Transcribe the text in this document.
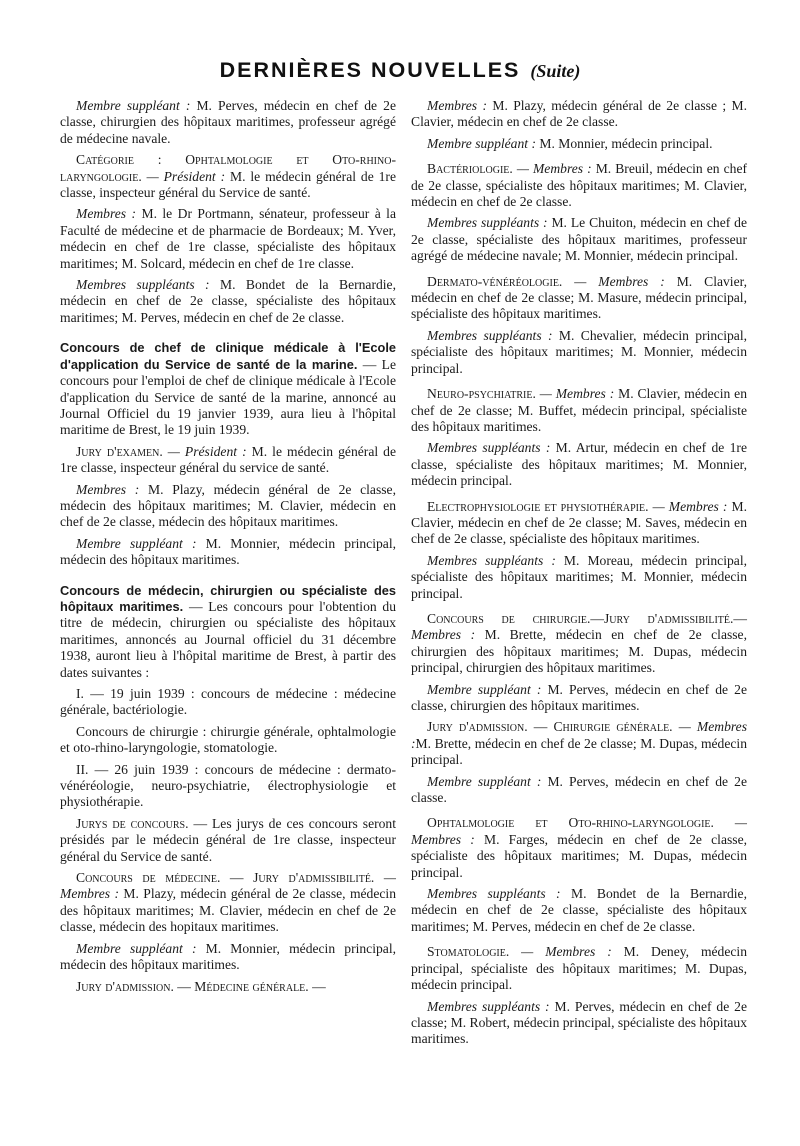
DERNIÈRES NOUVELLES (Suite)

Membre suppléant : M. Perves, médecin en chef de 2e classe, chirurgien des hôpitaux maritimes, professeur agrégé de médecine navale.

Catégorie : Ophtalmologie et Oto-rhino-laryngologie. — Président : M. le médecin général de 1re classe, inspecteur général du Service de santé.

Membres : M. le Dr Portmann, sénateur, professeur à la Faculté de médecine et de pharmacie de Bordeaux; M. Yver, médecin en chef de 1re classe, spécialiste des hôpitaux maritimes; M. Solcard, médecin en chef de 1re classe.

Membres suppléants : M. Bondet de la Bernardie, médecin en chef de 2e classe, spécialiste des hôpitaux maritimes; M. Perves, médecin en chef de 2e classe.

Concours de chef de clinique médicale à l'Ecole d'application du Service de santé de la marine. — Le concours pour l'emploi de chef de clinique médicale à l'Ecole d'application du Service de santé de la marine, annoncé au Journal Officiel du 19 janvier 1939, aura lieu à l'hôpital maritime de Brest, le 19 juin 1939.

Jury d'examen. — Président : M. le médecin général de 1re classe, inspecteur général du service de santé.

Membres : M. Plazy, médecin général de 2e classe, médecin des hôpitaux maritimes; M. Clavier, médecin en chef de 2e classe, médecin des hôpitaux maritimes.

Membre suppléant : M. Monnier, médecin principal, médecin des hôpitaux maritimes.

Concours de médecin, chirurgien ou spécialiste des hôpitaux maritimes. — Les concours pour l'obtention du titre de médecin, chirurgien ou spécialiste des hôpitaux maritimes, annoncés au Journal officiel du 31 décembre 1938, auront lieu à l'hôpital maritime de Brest, à partir des dates suivantes :

I. — 19 juin 1939 : concours de médecine : médecine générale, bactériologie.

Concours de chirurgie : chirurgie générale, ophtalmologie et oto-rhino-laryngologie, stomatologie.

II. — 26 juin 1939 : concours de médecine : dermato-vénéréologie, neuro-psychiatrie, électrophysiologie et physiothérapie.

Jurys de concours. — Les jurys de ces concours seront présidés par le médecin général de 1re classe, inspecteur général du Service de santé.

Concours de médecine. — Jury d'admissibilité. — Membres : M. Plazy, médecin général de 2e classe, médecin des hôpitaux maritimes; M. Clavier, médecin en chef de 2e classe, médecin des hopitaux maritimes.

Membre suppléant : M. Monnier, médecin principal, médecin des hôpitaux maritimes.

Jury d'admission. — Médecine générale. —

Membres : M. Plazy, médecin général de 2e classe ; M. Clavier, médecin en chef de 2e classe.

Membre suppléant : M. Monnier, médecin principal.

Bactériologie. — Membres : M. Breuil, médecin en chef de 2e classe, spécialiste des hôpitaux maritimes; M. Clavier, médecin en chef de 2e classe.

Membres suppléants : M. Le Chuiton, médecin en chef de 2e classe, spécialiste des hôpitaux maritimes, professeur agrégé de médecine navale; M. Monnier, médecin principal.

Dermato-vénéréologie. — Membres : M. Clavier, médecin en chef de 2e classe; M. Masure, médecin principal, spécialiste des hôpitaux maritimes.

Membres suppléants : M. Chevalier, médecin principal, spécialiste des hôpitaux maritimes; M. Monnier, médecin principal.

Neuro-psychiatrie. — Membres : M. Clavier, médecin en chef de 2e classe; M. Buffet, médecin principal, spécialiste des hôpitaux maritimes.

Membres suppléants : M. Artur, médecin en chef de 1re classe, spécialiste des hôpitaux maritimes; M. Monnier, médecin principal.

Electrophysiologie et physiothérapie. — Membres : M. Clavier, médecin en chef de 2e classe; M. Saves, médecin en chef de 2e classe, spécialiste des hôpitaux maritimes.

Membres suppléants : M. Moreau, médecin principal, spécialiste des hôpitaux maritimes; M. Monnier, médecin principal.

Concours de chirurgie.—Jury d'admissibilité.— Membres : M. Brette, médecin en chef de 2e classe, chirurgien des hôpitaux maritimes; M. Dupas, médecin principal, chirurgien des hôpitaux maritimes.

Membre suppléant : M. Perves, médecin en chef de 2e classe, chirurgien des hôpitaux maritimes.

Jury d'admission. — Chirurgie générale. — Membres :M. Brette, médecin en chef de 2e classe; M. Dupas, médecin principal.

Membre suppléant : M. Perves, médecin en chef de 2e classe.

Ophtalmologie et Oto-rhino-laryngologie. — Membres : M. Farges, médecin en chef de 2e classe, spécialiste des hôpitaux maritimes; M. Dupas, médecin principal.

Membres suppléants : M. Bondet de la Bernardie, médecin en chef de 2e classe, spécialiste des hôpitaux maritimes; M. Perves, médecin en chef de 2e classe.

Stomatologie. — Membres : M. Deney, médecin principal, spécialiste des hôpitaux maritimes; M. Dupas, médecin principal.

Membres suppléants : M. Perves, médecin en chef de 2e classe; M. Robert, médecin principal, spécialiste des hôpitaux maritimes.
